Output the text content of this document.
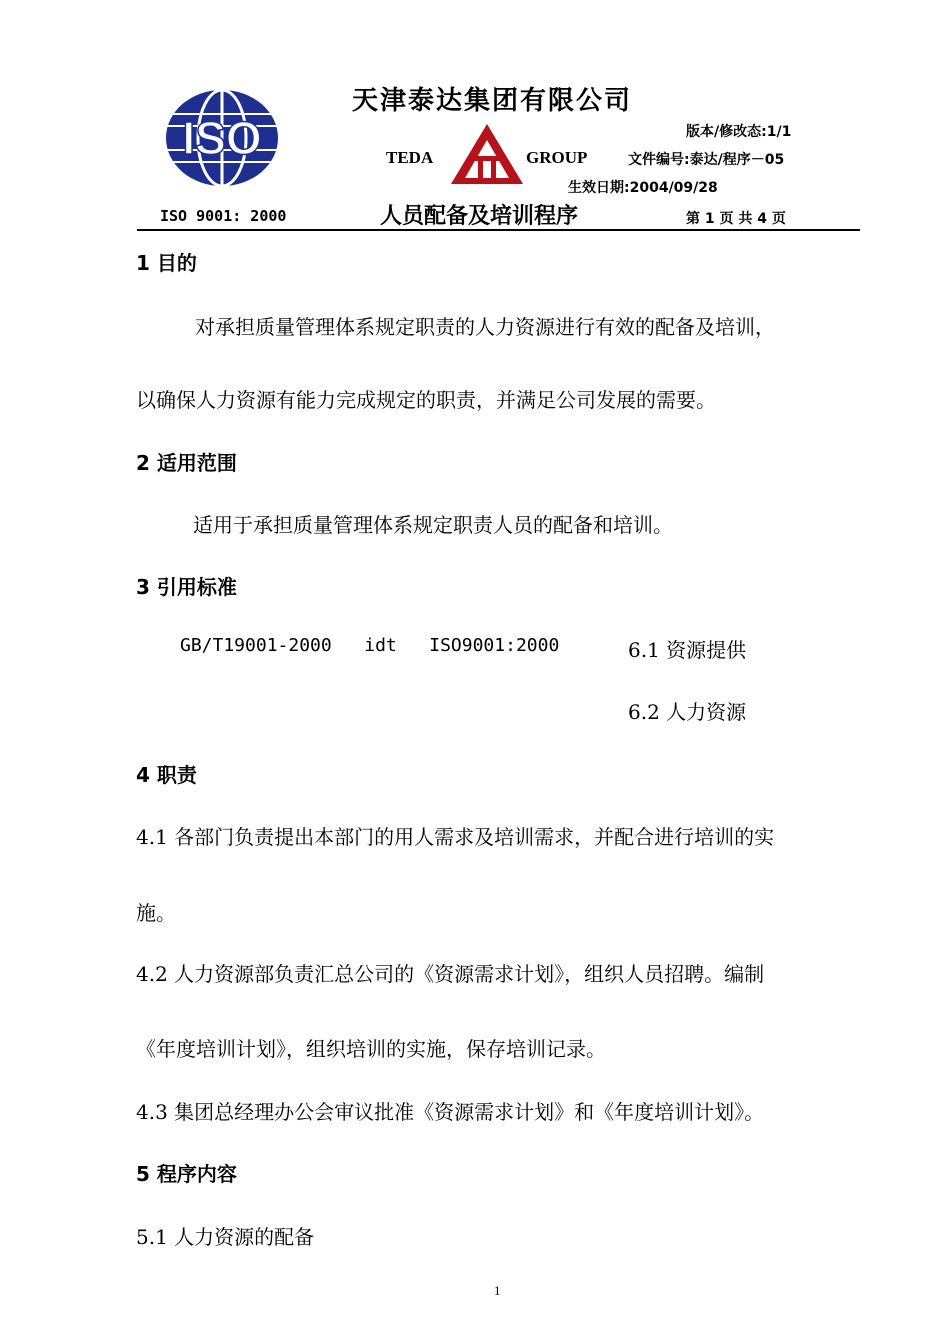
ISO
天津泰达集团有限公司
版本/修改态:1/1
TEDA	GROUP	文件编号:泰达/程序－05
生效日期:2004/09/28
ISO 9001: 2000	人员配备及培训程序	第 1 页 共 4 页
1 目的
对承担质量管理体系规定职责的人力资源进行有效的配备及培训，
以确保人力资源有能力完成规定的职责，并满足公司发展的需要。
2 适用范围
适用于承担质量管理体系规定职责人员的配备和培训。
3 引用标准
GB/T19001-2000   idt   ISO9001:2000	6.1 资源提供
6.2 人力资源
4 职责
4.1 各部门负责提出本部门的用人需求及培训需求，并配合进行培训的实
施。
4.2 人力资源部负责汇总公司的《资源需求计划》，组织人员招聘。编制
《年度培训计划》，组织培训的实施，保存培训记录。
4.3 集团总经理办公会审议批准《资源需求计划》和《年度培训计划》。
5 程序内容
5.1 人力资源的配备
1
